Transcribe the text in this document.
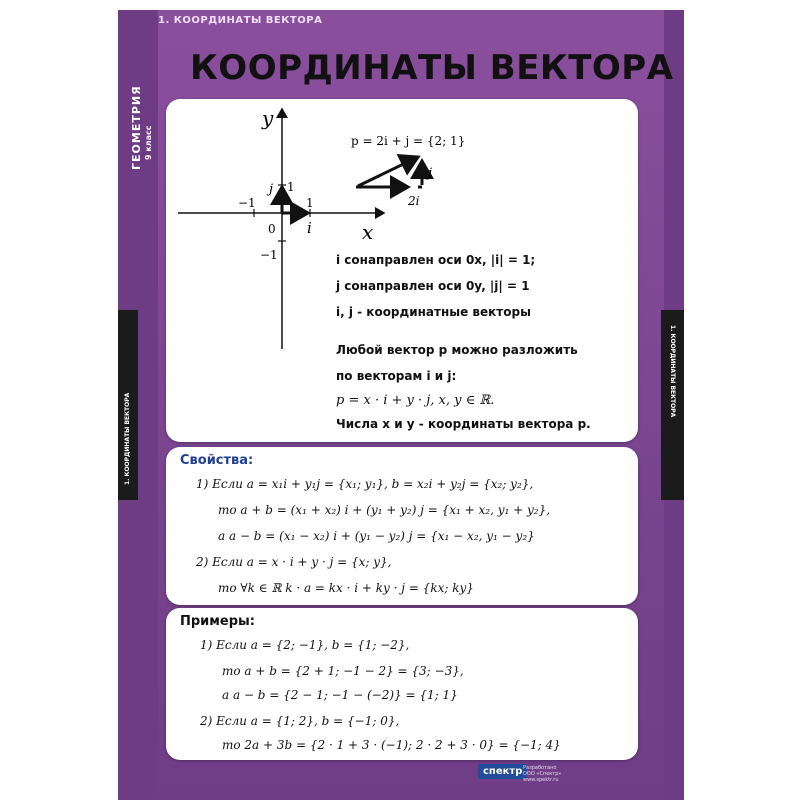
ГЕОМЕТРИЯ 9 класс
1. КООРДИНАТЫ ВЕКТОРА
1. КООРДИНАТЫ ВЕКТОРА
1. КООРДИНАТЫ ВЕКТОРА
КООРДИНАТЫ ВЕКТОРА
y
x
0
−1	1
−1
1
i
j
p = 2i + j = {2; 1}
j
2i
i сонаправлен оси 0x, |i| = 1;
j сонаправлен оси 0y, |j| = 1
i, j - координатные векторы
Любой вектор p можно разложить
по векторам i и j:
p = x · i + y · j, x, y ∈ ℝ.
Числа x и y - координаты вектора p.
Свойства:
1) Если a = x₁i + y₁j = {x₁; y₁}, b = x₂i + y₂j = {x₂; y₂},
то a + b = (x₁ + x₂) i + (y₁ + y₂) j = {x₁ + x₂, y₁ + y₂},
а a − b = (x₁ − x₂) i + (y₁ − y₂) j = {x₁ − x₂, y₁ − y₂}
2) Если a = x · i + y · j = {x; y},
то ∀k ∈ ℝ k · a = kx · i + ky · j = {kx; ky}
Примеры:
1) Если a = {2; −1}, b = {1; −2},
то a + b = {2 + 1; −1 − 2} = {3; −3},
а a − b = {2 − 1; −1 − (−2)} = {1; 1}
2) Если a = {1; 2}, b = {−1; 0},
то 2a + 3b = {2 · 1 + 3 · (−1); 2 · 2 + 3 · 0} = {−1; 4}
спектр Разработано
ООО «Спектр»
www.spektr.ru
